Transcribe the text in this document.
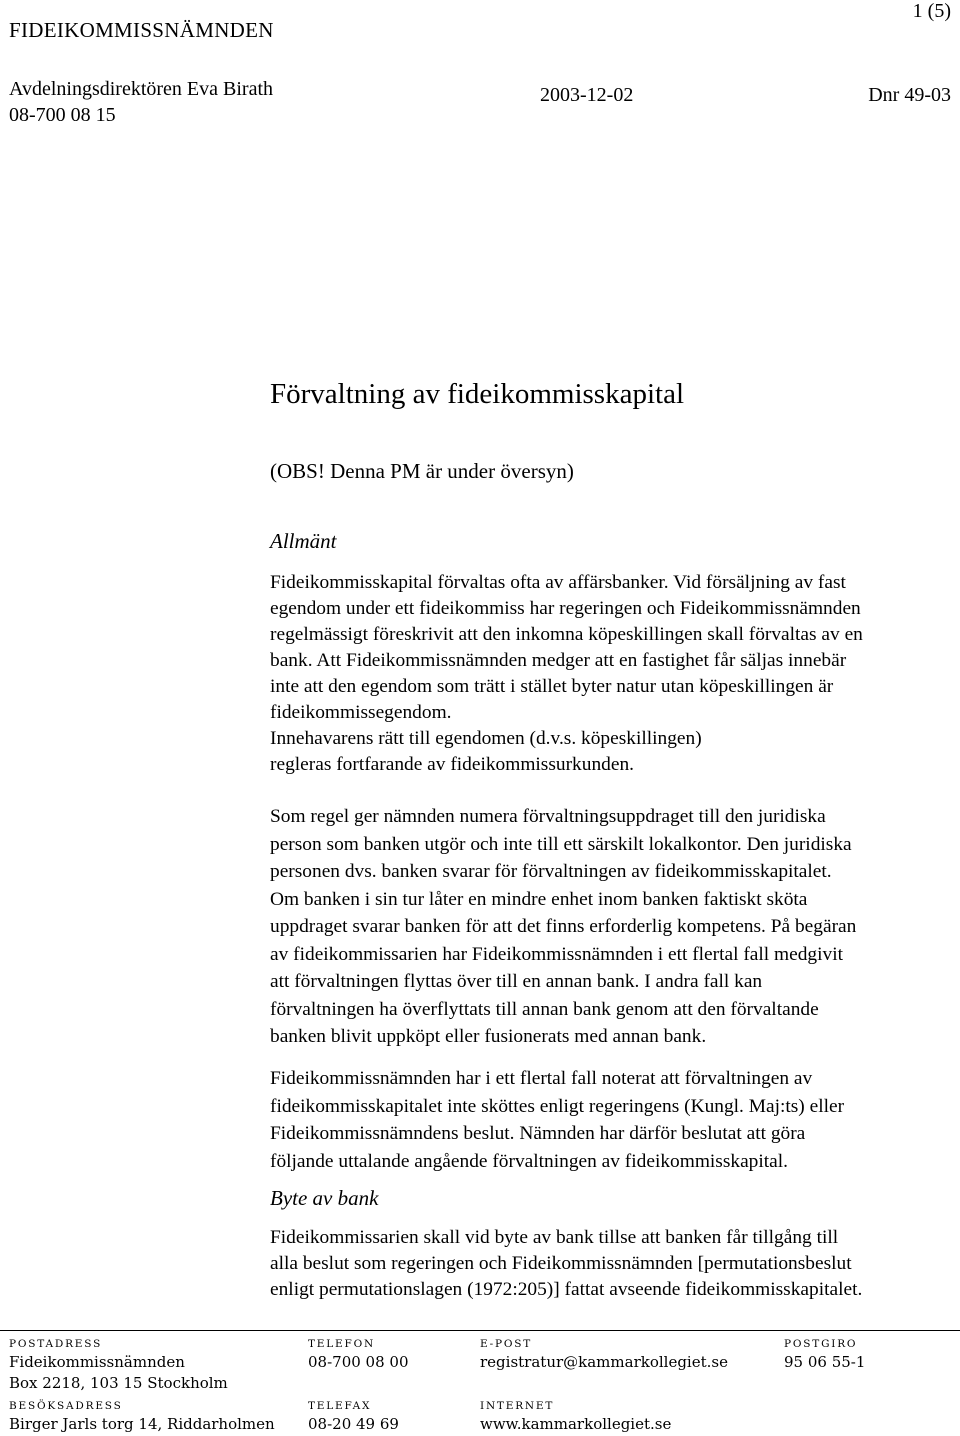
FIDEIKOMMISSNÄMNDEN
1 (5)
Avdelningsdirektören Eva Birath
08-700 08 15
2003-12-02	Dnr 49-03
Förvaltning av fideikommisskapital
(OBS! Denna PM är under översyn)
Allmänt
Fideikommisskapital förvaltas ofta av affärsbanker. Vid försäljning av fast
egendom under ett fideikommiss har regeringen och Fideikommissnämnden
regelmässigt föreskrivit att den inkomna köpeskillingen skall förvaltas av en
bank. Att Fideikommissnämnden medger att en fastighet får säljas innebär
inte att den egendom som trätt i stället byter natur utan köpeskillingen är
fideikommissegendom.
Innehavarens rätt till egendomen (d.v.s. köpeskillingen)
regleras fortfarande av fideikommissurkunden.
Som regel ger nämnden numera förvaltningsuppdraget till den juridiska
person som banken utgör och inte till ett särskilt lokalkontor. Den juridiska
personen dvs. banken svarar för förvaltningen av fideikommisskapitalet.
Om banken i sin tur låter en mindre enhet inom banken faktiskt sköta
uppdraget svarar banken för att det finns erforderlig kompetens. På begäran
av fideikommissarien har Fideikommissnämnden i ett flertal fall medgivit
att förvaltningen flyttas över till en annan bank. I andra fall kan
förvaltningen ha överflyttats till annan bank genom att den förvaltande
banken blivit uppköpt eller fusionerats med annan bank.
Fideikommissnämnden har i ett flertal fall noterat att förvaltningen av
fideikommisskapitalet inte sköttes enligt regeringens (Kungl. Maj:ts) eller
Fideikommissnämndens beslut. Nämnden har därför beslutat att göra
följande uttalande angående förvaltningen av fideikommisskapital.
Byte av bank
Fideikommissarien skall vid byte av bank tillse att banken får tillgång till
alla beslut som regeringen och Fideikommissnämnden [permutationsbeslut
enligt permutationslagen (1972:205)] fattat avseende fideikommisskapitalet.
POSTADRESS
Fideikommissnämnden
Box 2218, 103 15 Stockholm
BESÖKSADRESS
Birger Jarls torg 14, Riddarholmen
TELEFON
08-700 08 00
TELEFAX
08-20 49 69
E-POST
registratur@kammarkollegiet.se
INTERNET
www.kammarkollegiet.se
POSTGIRO
95 06 55-1
